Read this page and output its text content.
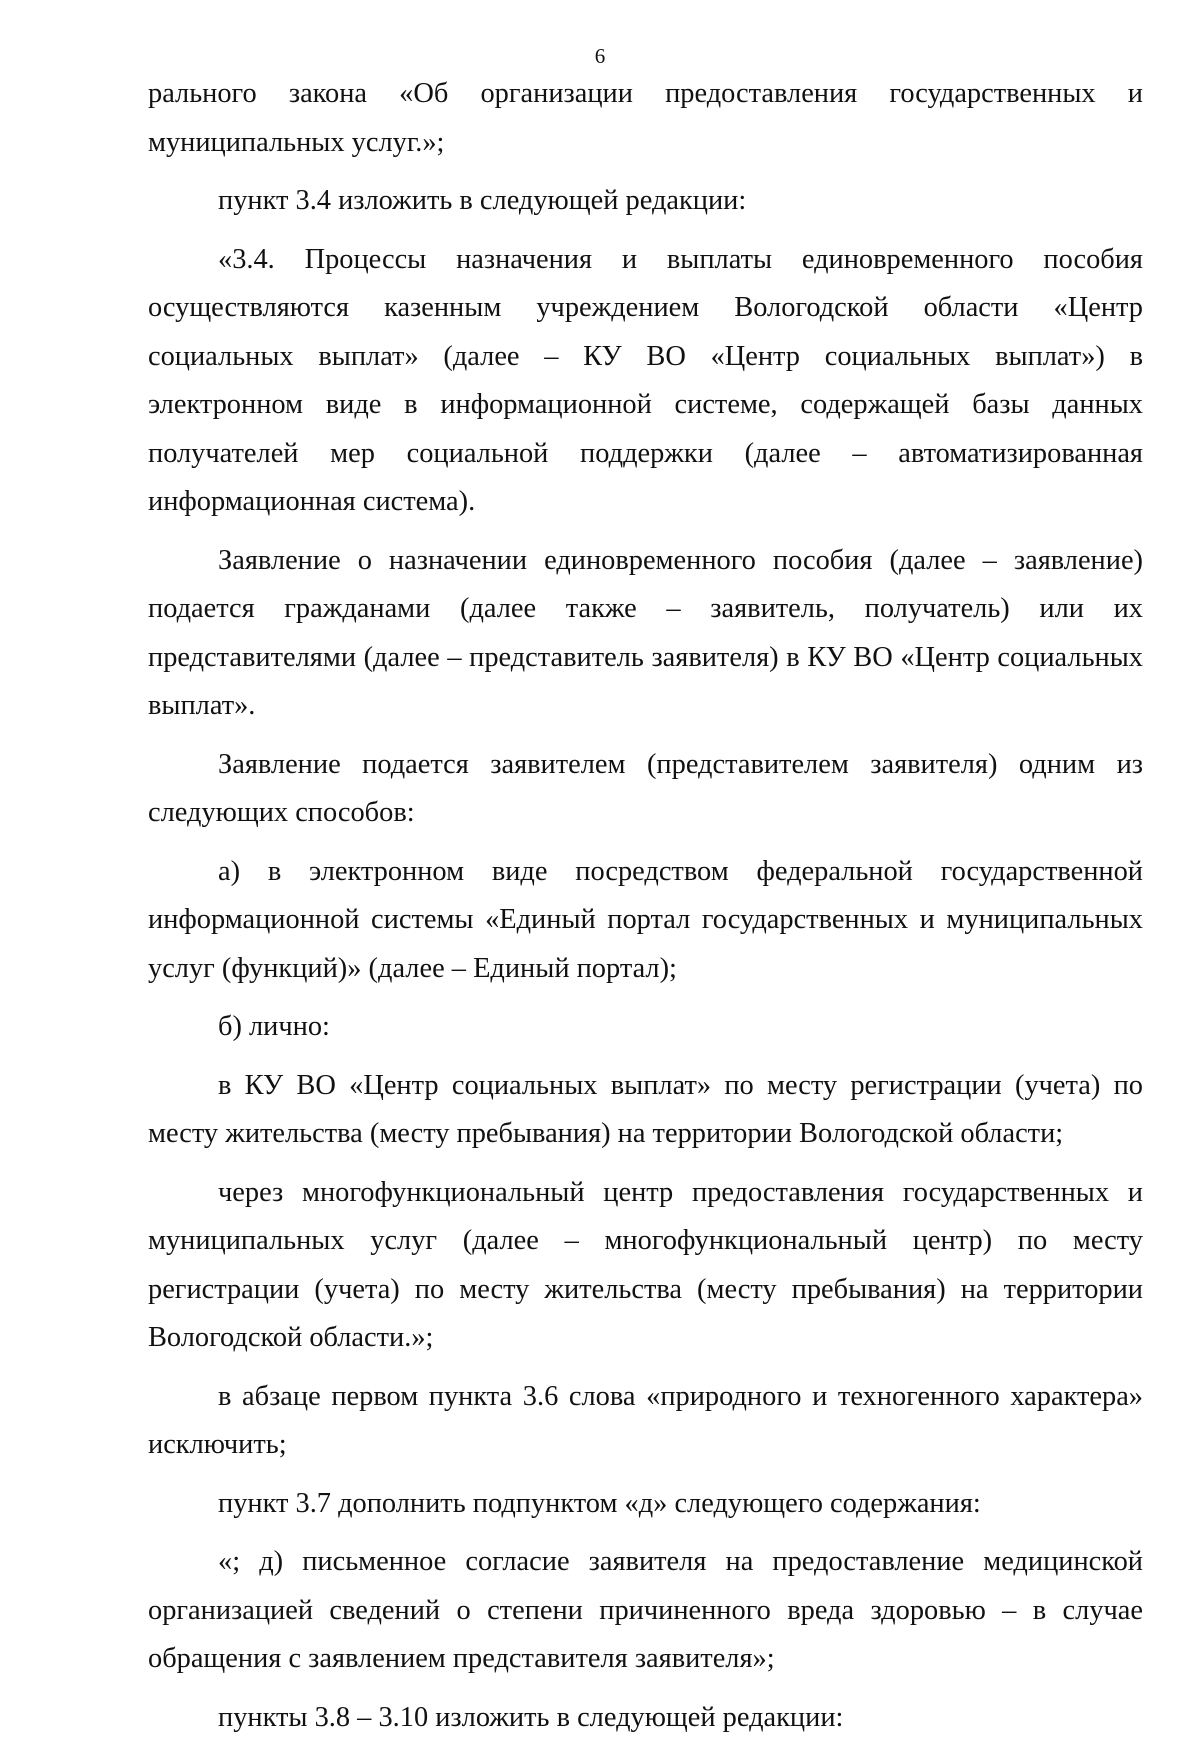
6

рального закона «Об организации предоставления государственных и муниципальных услуг.»;

пункт 3.4 изложить в следующей редакции:

«3.4. Процессы назначения и выплаты единовременного пособия осуществляются казенным учреждением Вологодской области «Центр социальных выплат» (далее – КУ ВО «Центр социальных выплат») в электронном виде в информационной системе, содержащей базы данных получателей мер социальной поддержки (далее – автоматизированная информационная система).

Заявление о назначении единовременного пособия (далее – заявление) подается гражданами (далее также – заявитель, получатель) или их представителями (далее – представитель заявителя) в КУ ВО «Центр социальных выплат».

Заявление подается заявителем (представителем заявителя) одним из следующих способов:

а) в электронном виде посредством федеральной государственной информационной системы «Единый портал государственных и муниципальных услуг (функций)» (далее – Единый портал);

б) лично:

в КУ ВО «Центр социальных выплат» по месту регистрации (учета) по месту жительства (месту пребывания) на территории Вологодской области;

через многофункциональный центр предоставления государственных и муниципальных услуг (далее – многофункциональный центр) по месту регистрации (учета) по месту жительства (месту пребывания) на территории Вологодской области.»;

в абзаце первом пункта 3.6 слова «природного и техногенного характера» исключить;

пункт 3.7 дополнить подпунктом «д» следующего содержания:

«; д) письменное согласие заявителя на предоставление медицинской организацией сведений о степени причиненного вреда здоровью – в случае обращения с заявлением представителя заявителя»;

пункты 3.8 – 3.10 изложить в следующей редакции:
